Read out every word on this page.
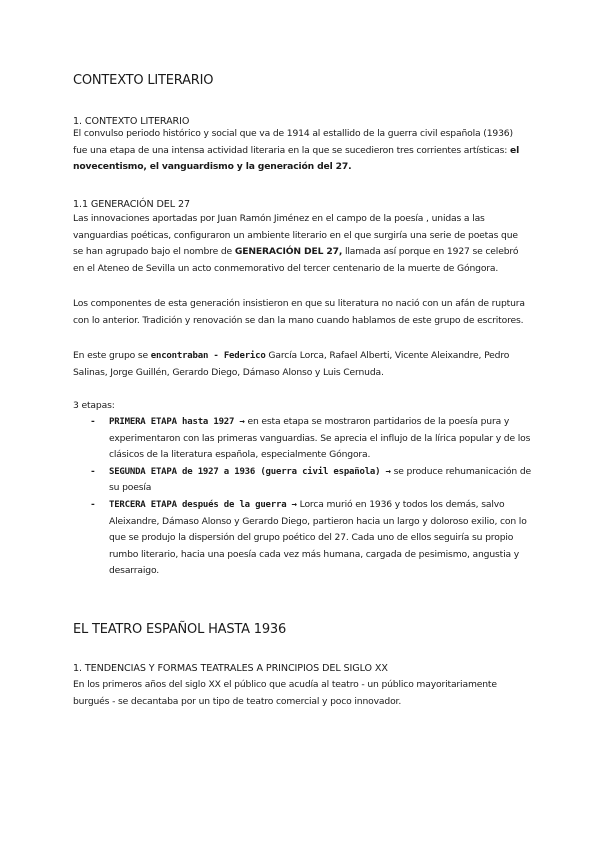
CONTEXTO LITERARIO
1. CONTEXTO LITERARIO
El convulso periodo histórico y social que va de 1914 al estallido de la guerra civil española (1936) fue una etapa de una intensa actividad literaria en la que se sucedieron tres corrientes artísticas: el novecentismo, el vanguardismo y la generación del 27.
1.1 GENERACIÓN DEL 27
Las innovaciones aportadas por Juan Ramón Jiménez en el campo de la poesía , unidas a las vanguardias poéticas, configuraron un ambiente literario en el que surgiría una serie de poetas que se han agrupado bajo el nombre de GENERACIÓN DEL 27, llamada así porque en 1927 se celebró en el Ateneo de Sevilla un acto conmemorativo del tercer centenario de la muerte de Góngora.
Los componentes de esta generación insistieron en que su literatura no nació con un afán de ruptura con lo anterior. Tradición y renovación se dan la mano cuando hablamos de este grupo de escritores.
En este grupo se encontraban - Federico García Lorca, Rafael Alberti, Vicente Aleixandre, Pedro Salinas, Jorge Guillén, Gerardo Diego, Dámaso Alonso y Luis Cernuda.
3 etapas:
- PRIMERA ETAPA hasta 1927 → en esta etapa se mostraron partidarios de la poesía pura y experimentaron con las primeras vanguardias. Se aprecia el influjo de la lírica popular y de los clásicos de la literatura española, especialmente Góngora.
- SEGUNDA ETAPA de 1927 a 1936 (guerra civil española) → se produce rehumanicación de su poesía
- TERCERA ETAPA después de la guerra → Lorca murió en 1936 y todos los demás, salvo Aleixandre, Dámaso Alonso y Gerardo Diego, partieron hacia un largo y doloroso exilio, con lo que se produjo la dispersión del grupo poético del 27. Cada uno de ellos seguiría su propio rumbo literario, hacia una poesía cada vez más humana, cargada de pesimismo, angustia y desarraigo.
EL TEATRO ESPAÑOL HASTA 1936
1. TENDENCIAS Y FORMAS TEATRALES A PRINCIPIOS DEL SIGLO XX
En los primeros años del siglo XX el público que acudía al teatro - un público mayoritariamente burgués - se decantaba por un tipo de teatro comercial y poco innovador.
